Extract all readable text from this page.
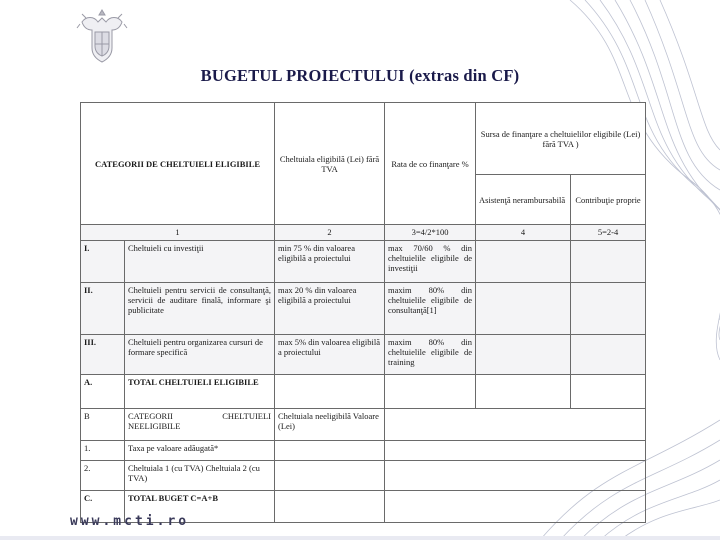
BUGETUL PROIECTULUI (extras din CF)
CATEGORII DE CHELTUIELI ELIGIBILE		Cheltuiala eligibilă (Lei) fără TVA	Rata de co finanţare %	Sursa de finanţare a cheltuielilor eligibile (Lei) fără TVA )	
				Asistenţă nerambursabilă	Contribuţie proprie
1		2	3=4/2*100	4	5=2-4
I.	Cheltuieli cu investiţii	min 75 % din valoarea eligibilă a proiectului	max 70/60 % din cheltuielile eligibile de investiţii		
II.	Cheltuieli pentru servicii de consultanţă, servicii de auditare finală, informare şi publicitate	max 20 % din valoarea eligibilă a proiectului	maxim 80% din cheltuielile eligibile de consultanţă[1]		
III.	Cheltuieli pentru organizarea cursuri de formare specifică	max 5% din valoarea eligibilă a proiectului	maxim 80% din cheltuielile eligibile de training		
A.	TOTAL CHELTUIELI ELIGIBILE				
B	CATEGORII CHELTUIELI NEELIGIBILE	Cheltuiala neeligibilă Valoare (Lei)			
1.	Taxa pe valoare adăugată*				
2.	Cheltuiala 1 (cu TVA) Cheltuiala 2 (cu TVA)				
C.	TOTAL BUGET C=A+B				
www.mcti.ro
